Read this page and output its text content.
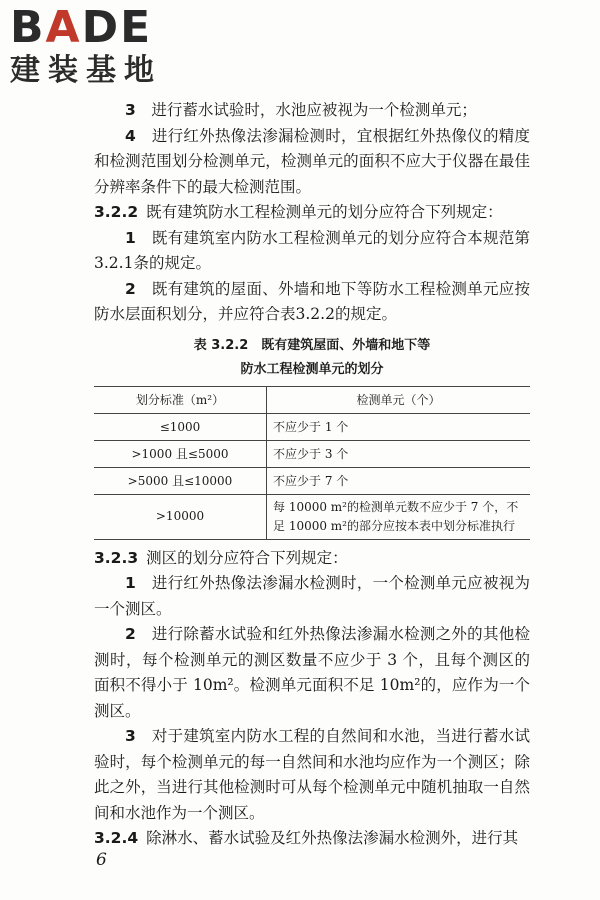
BADE
建装基地

3　 进行蓄水试验时，水池应被视为一个检测单元；

4　 进行红外热像法渗漏检测时，宜根据红外热像仪的精度和检测范围划分检测单元，检测单元的面积不应大于仪器在最佳分辨率条件下的最大检测范围。

3.2.2 既有建筑防水工程检测单元的划分应符合下列规定：

1　 既有建筑室内防水工程检测单元的划分应符合本规范第3.2.1条的规定。

2　 既有建筑的屋面、外墙和地下等防水工程检测单元应按防水层面积划分，并应符合表3.2.2的规定。

表 3.2.2　既有建筑屋面、外墙和地下等
防水工程检测单元的划分
划分标准（m²）	检测单元（个）
≤1000	不应少于 1 个
>1000 且≤5000	不应少于 3 个
>5000 且≤10000	不应少于 7 个
>10000	每 10000 m²的检测单元数不应少于 7 个，不足 10000 m²的部分应按本表中划分标准执行

3.2.3 测区的划分应符合下列规定：

1　 进行红外热像法渗漏水检测时，一个检测单元应被视为一个测区。

2　 进行除蓄水试验和红外热像法渗漏水检测之外的其他检测时，每个检测单元的测区数量不应少于 3 个，且每个测区的面积不得小于 10m²。检测单元面积不足 10m²的，应作为一个测区。

3　 对于建筑室内防水工程的自然间和水池，当进行蓄水试验时，每个检测单元的每一自然间和水池均应作为一个测区；除此之外，当进行其他检测时可从每个检测单元中随机抽取一自然间和水池作为一个测区。

3.2.4 除淋水、蓄水试验及红外热像法渗漏水检测外，进行其

6
